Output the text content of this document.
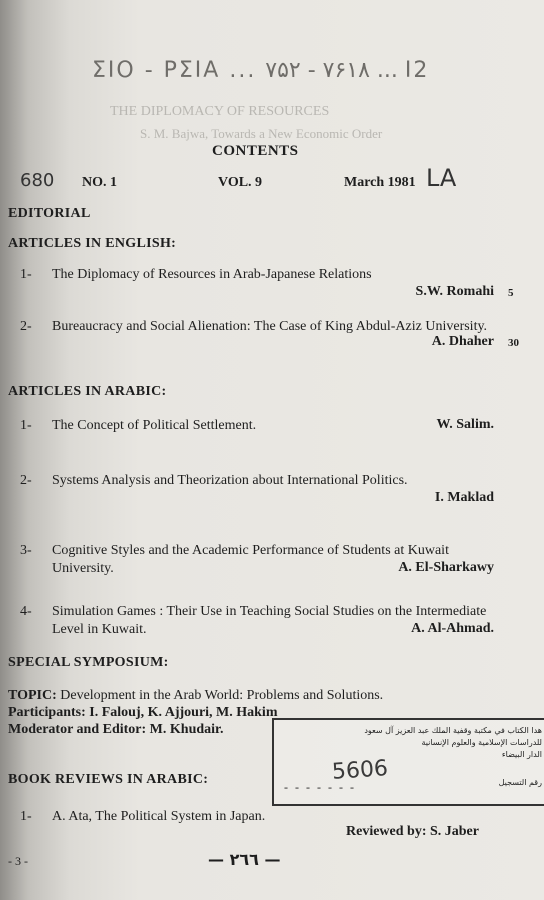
ΣΙΟ - ΡΣΙΑ ... ۷۵۲ - ۷۶۱۸ ... Ι2
THE DIPLOMACY OF RESOURCES
S. M. Bajwa, Towards a New Economic Order
CONTENTS
680 NO. 1	VOL. 9	March 1981 LA
EDITORIAL
ARTICLES IN ENGLISH:
1- The Diplomacy of Resources in Arab-Japanese Relations
S.W. Romahi 5
2- Bureaucracy and Social Alienation: The Case of King Abdul-Aziz University.
A. Dhaher 30
ARTICLES IN ARABIC:
1- The Concept of Political Settlement.	W. Salim.
2- Systems Analysis and Theorization about International Politics.
I. Maklad
3- Cognitive Styles and the Academic Performance of Students at Kuwait University.	A. El-Sharkawy
4- Simulation Games : Their Use in Teaching Social Studies on the Intermediate Level in Kuwait.	A. Al-Ahmad.
SPECIAL SYMPOSIUM:
TOPIC: Development in the Arab World: Problems and Solutions.
Participants: I. Falouj, K. Ajjouri, M. Hakim
Moderator and Editor: M. Khudair.
BOOK REVIEWS IN ARABIC:
1- A. Ata, The Political System in Japan.
Reviewed by: S. Jaber
- 3 -	— ٢٦٦ —
هدا الكتاب في مكتبة وقفية الملك عبد العزيز آل سعود
للدراسات الإسلامية والعلوم الإنسانية
الدار البيضاء
5606	رقم التسجيل
- - - - - - -
